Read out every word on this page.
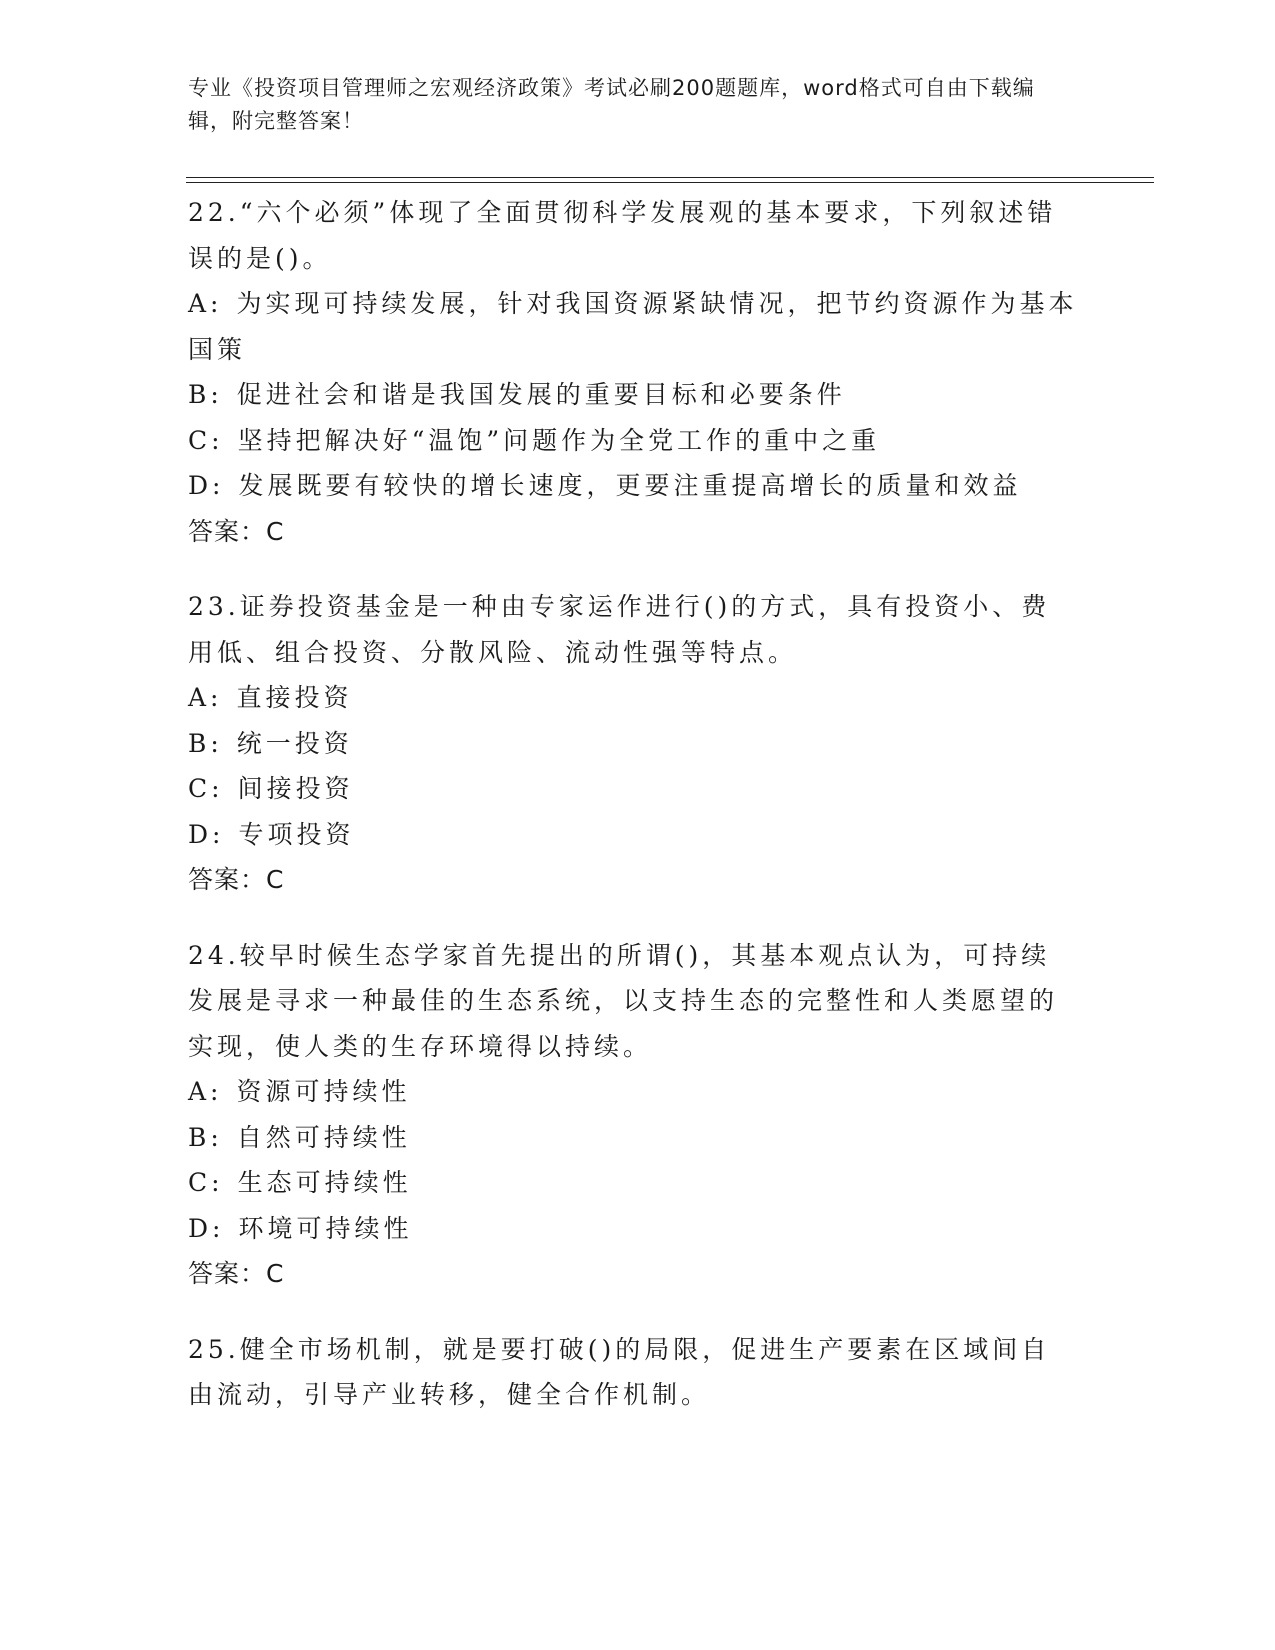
专业《投资项目管理师之宏观经济政策》考试必刷200题题库，word格式可自由下载编辑，附完整答案！

22.“六个必须”体现了全面贯彻科学发展观的基本要求，下列叙述错误的是()。

A: 为实现可持续发展，针对我国资源紧缺情况，把节约资源作为基本国策

B: 促进社会和谐是我国发展的重要目标和必要条件

C: 坚持把解决好“温饱”问题作为全党工作的重中之重

D: 发展既要有较快的增长速度，更要注重提高增长的质量和效益

答案：C

23.证券投资基金是一种由专家运作进行()的方式，具有投资小、费用低、组合投资、分散风险、流动性强等特点。

A: 直接投资

B: 统一投资

C: 间接投资

D: 专项投资

答案：C

24.较早时候生态学家首先提出的所谓()，其基本观点认为，可持续发展是寻求一种最佳的生态系统，以支持生态的完整性和人类愿望的实现，使人类的生存环境得以持续。

A: 资源可持续性

B: 自然可持续性

C: 生态可持续性

D: 环境可持续性

答案：C

25.健全市场机制，就是要打破()的局限，促进生产要素在区域间自由流动，引导产业转移，健全合作机制。
